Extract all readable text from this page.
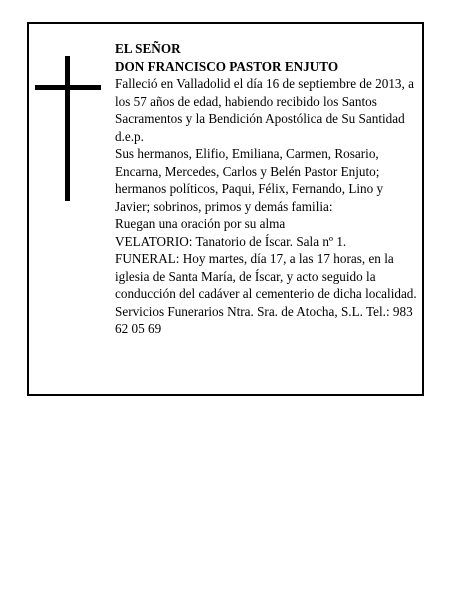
EL SEÑOR

DON FRANCISCO PASTOR ENJUTO

Falleció en Valladolid el día 16 de septiembre de 2013, a los 57 años de edad, habiendo recibido los Santos Sacramentos y la Bendición Apostólica de Su Santidad

d.e.p.

Sus hermanos, Elifio, Emiliana, Carmen, Rosario, Encarna, Mercedes, Carlos y Belén Pastor Enjuto; hermanos políticos, Paqui, Félix, Fernando, Lino y Javier; sobrinos, primos y demás familia:

Ruegan una oración por su alma

VELATORIO: Tanatorio de Íscar. Sala nº 1.

FUNERAL: Hoy martes, día 17, a las 17 horas, en la iglesia de Santa María, de Íscar, y acto seguido la conducción del cadáver al cementerio de dicha localidad.

Servicios Funerarios Ntra. Sra. de Atocha, S.L. Tel.: 983 62 05 69
